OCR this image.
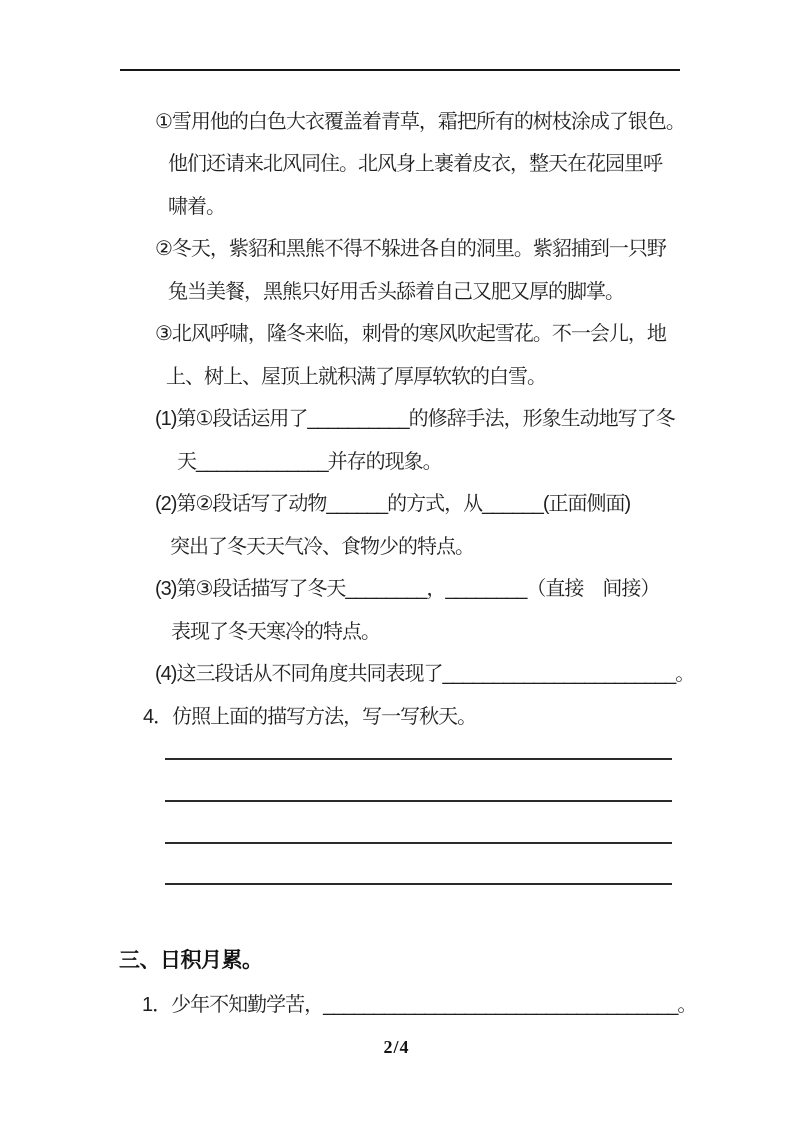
①雪用他的白色大衣覆盖着青草，霜把所有的树枝涂成了银色。
他们还请来北风同住。北风身上裹着皮衣，整天在花园里呼
啸着。
②冬天，紫貂和黑熊不得不躲进各自的洞里。紫貂捕到一只野
兔当美餐，黑熊只好用舌头舔着自己又肥又厚的脚掌。
③北风呼啸，隆冬来临，刺骨的寒风吹起雪花。不一会儿，地
上、树上、屋顶上就积满了厚厚软软的白雪。
(1)第①段话运用了__________的修辞手法，形象生动地写了冬
天_____________并存的现象。
(2)第②段话写了动物______的方式，从______(正面侧面)
突出了冬天天气冷、食物少的特点。
(3)第③段话描写了冬天________，________（直接　间接）
表现了冬天寒冷的特点。
(4)这三段话从不同角度共同表现了_______________________。
4．仿照上面的描写方法，写一写秋天。
三、日积月累。
1．少年不知勤学苦，___________________________________。
2/4
